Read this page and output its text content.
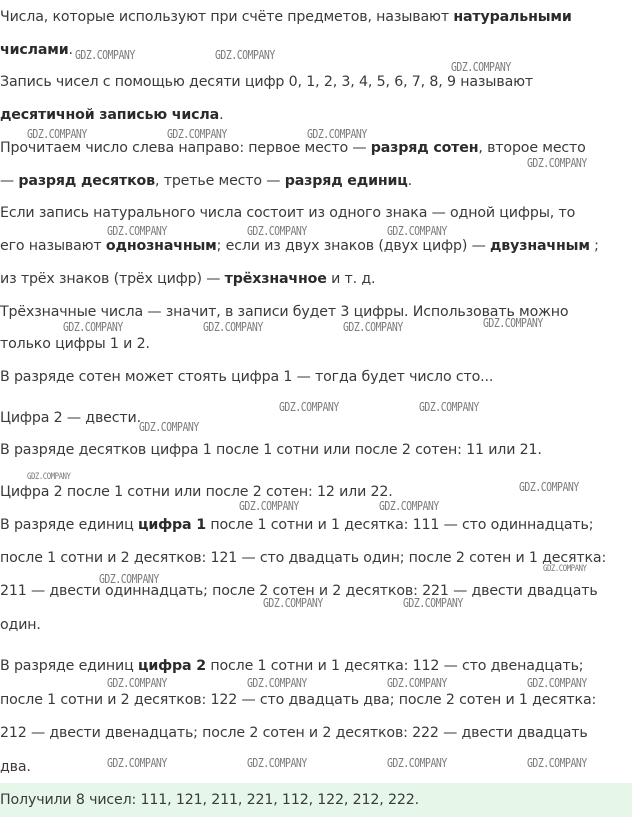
Числа, которые используют при счёте предметов, называют натуральными
числами.
Запись чисел с помощью десяти цифр 0, 1, 2, 3, 4, 5, 6, 7, 8, 9 называют
десятичной записью числа.
Прочитаем число слева направо: первое место — разряд сотен, второе место
— разряд десятков, третье место — разряд единиц.
Если запись натурального числа состоит из одного знака — одной цифры, то
его называют однозначным; если из двух знаков (двух цифр) — двузначным ;
из трёх знаков (трёх цифр) — трёхзначное и т. д.
Трёхзначные числа — значит, в записи будет 3 цифры. Использовать можно
только цифры 1 и 2.
В разряде сотен может стоять цифра 1 — тогда будет число сто...
Цифра 2 — двести.
В разряде десятков цифра 1 после 1 сотни или после 2 сотен: 11 или 21.
Цифра 2 после 1 сотни или после 2 сотен: 12 или 22.
В разряде единиц цифра 1 после 1 сотни и 1 десятка: 111 — сто одиннадцать;
после 1 сотни и 2 десятков: 121 — сто двадцать один; после 2 сотен и 1 десятка:
211 — двести одиннадцать; после 2 сотен и 2 десятков: 221 — двести двадцать
один.
В разряде единиц цифра 2 после 1 сотни и 1 десятка: 112 — сто двенадцать;
после 1 сотни и 2 десятков: 122 — сто двадцать два; после 2 сотен и 1 десятка:
212 — двести двенадцать; после 2 сотен и 2 десятков: 222 — двести двадцать
два.
Получили 8 чисел: 111, 121, 211, 221, 112, 122, 212, 222.
GDZ.COMPANY	GDZ.COMPANY
GDZ.COMPANY
GDZ.COMPANY	GDZ.COMPANY	GDZ.COMPANY
GDZ.COMPANY
GDZ.COMPANY	GDZ.COMPANY	GDZ.COMPANY
GDZ.COMPANY	GDZ.COMPANY	GDZ.COMPANY	GDZ.COMPANY
GDZ.COMPANY	GDZ.COMPANY
GDZ.COMPANY
GDZ.COMPANY
GDZ.COMPANY
GDZ.COMPANY	GDZ.COMPANY
GDZ.COMPANY
GDZ.COMPANY
GDZ.COMPANY	GDZ.COMPANY
GDZ.COMPANY	GDZ.COMPANY	GDZ.COMPANY	GDZ.COMPANY
GDZ.COMPANY	GDZ.COMPANY	GDZ.COMPANY	GDZ.COMPANY
